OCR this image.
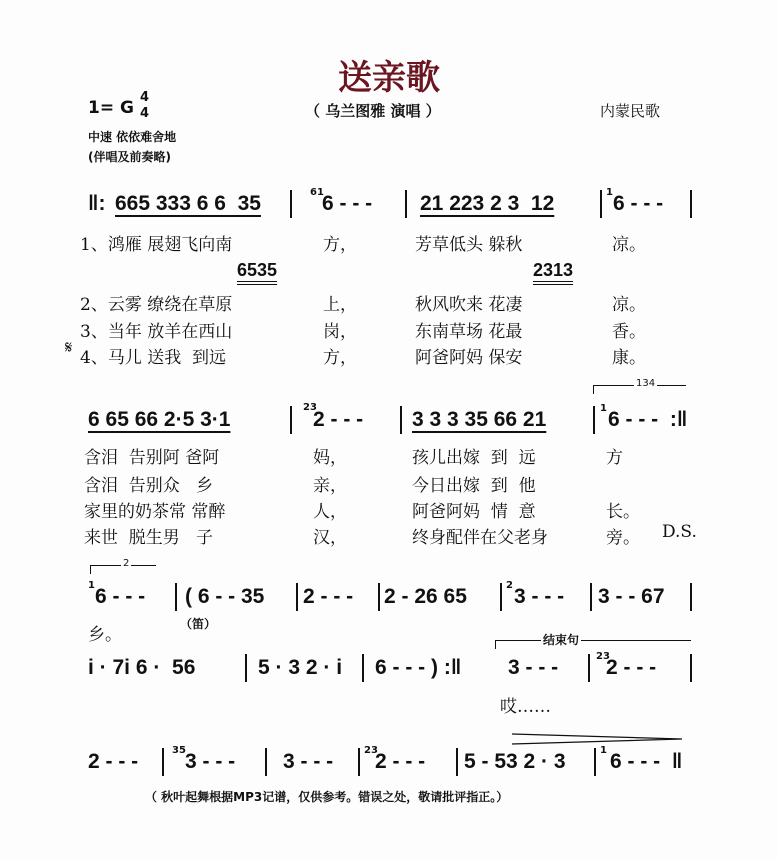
送亲歌
1= G
4
4	（ 乌兰图雅 演唱 ）	内蒙民歌
中速 依依难舍地
(伴唱及前奏略)
‖: 665 333 6 6  35	61
6 - - - 21 223 2 3  12	1 6 - - -
6535	2313
𝄋
6 65 66 2·5 3·1
23
2 - - - 3 3 3 35 66 21
134
1 6 - - -  :‖
D.S.
2
1 6 - - - ( 6 - - 35 2 - - - 2 - 26 65	2 3 - - - 3 - - 67
乡。
（笛）
i · 7i 6 ·  56	5 · 3 2 · i 6 - - - ) :‖
结束句
3 - - -	23
2 - - -
哎……
2 - - -	35 3 - - - 3 - - -	23
2 - - - 5 - 53 2 · 3	1 6 - - -  ‖
（ 秋叶起舞根据MP3记谱，仅供参考。错误之处，敬请批评指正。）
1、鸿雁 展翅飞向南	方，	芳草低头 躲秋	凉。
2、云雾 缭绕在草原	上，	秋风吹来 花凄	凉。
3、当年 放羊在西山	岗，	东南草场 花最	香。
4、马儿 送我  到远	方，	阿爸阿妈 保安	康。
含泪  告别阿 爸阿	妈，	孩儿出嫁  到  远	方
含泪  告别众   乡	亲，	今日出嫁  到  他
家里的奶茶常 常醉	人，	阿爸阿妈  情  意	长。
来世  脱生男   子	汉，	终身配伴在父老身	旁。
